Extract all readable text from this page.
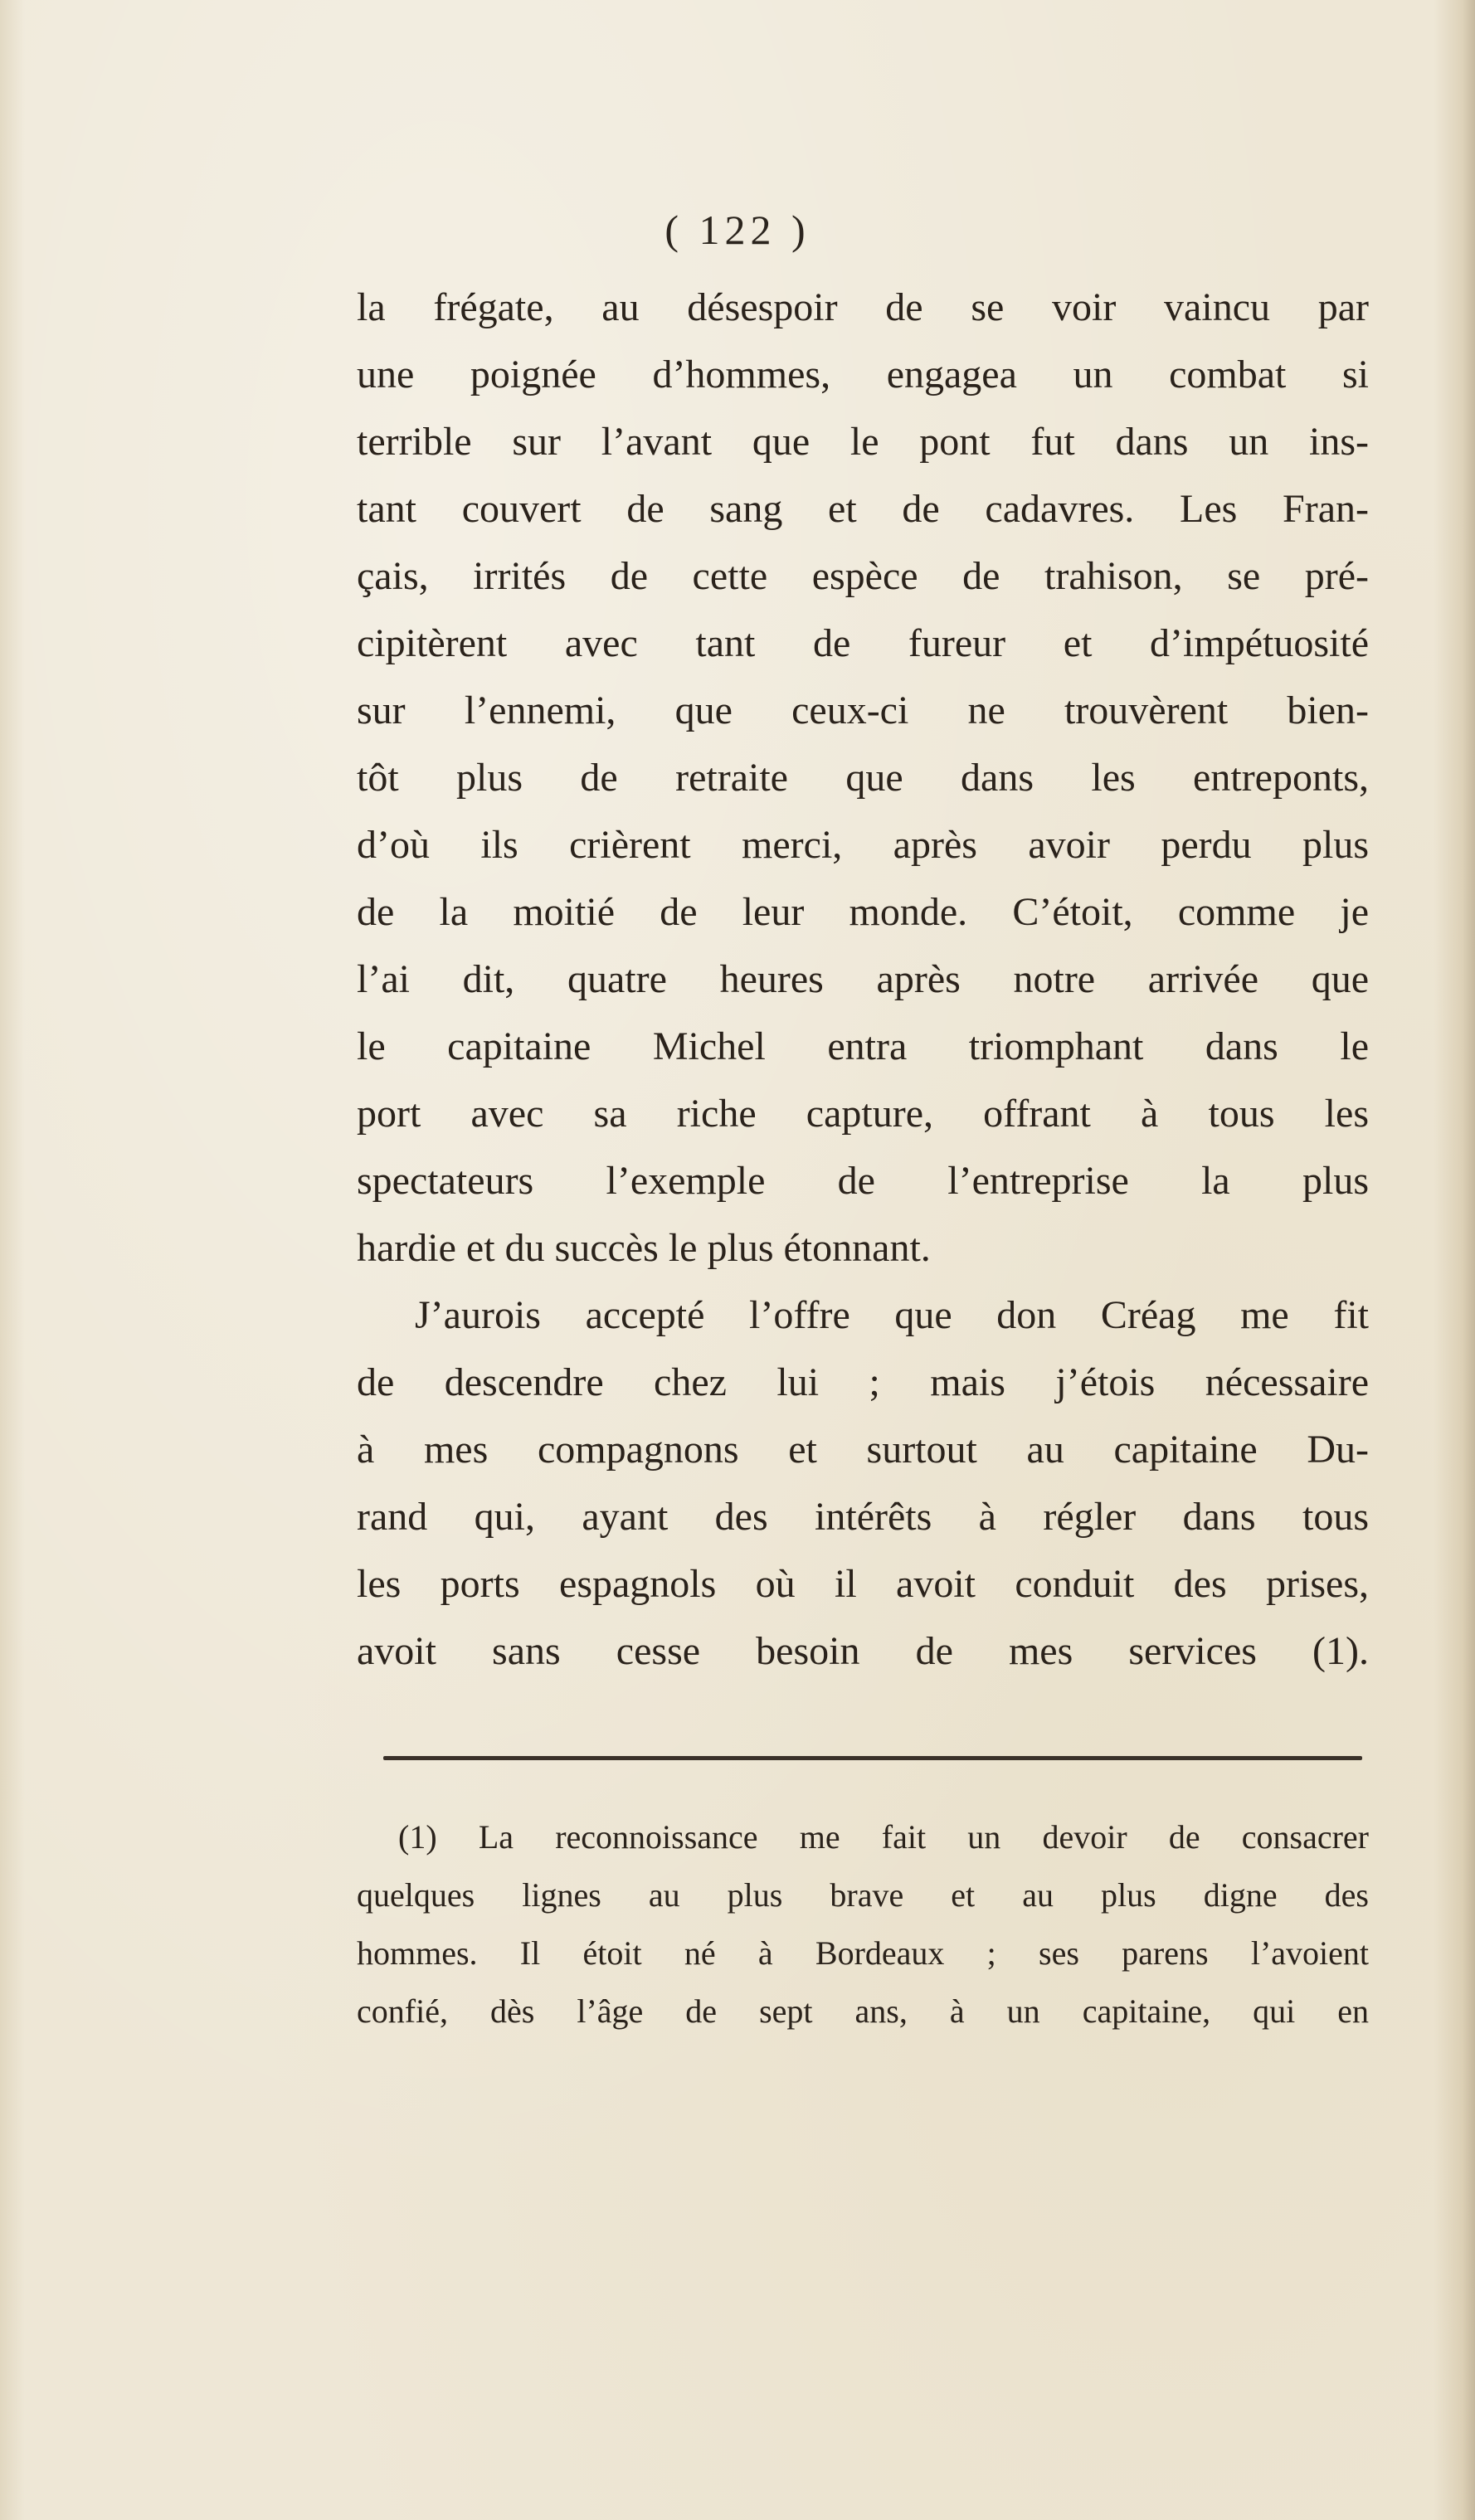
( 122 )
la frégate, au désespoir de se voir vaincu par
une poignée d’hommes, engagea un combat si
terrible sur l’avant que le pont fut dans un ins-
tant couvert de sang et de cadavres. Les Fran-
çais, irrités de cette espèce de trahison, se pré-
cipitèrent avec tant de fureur et d’impétuosité
sur l’ennemi, que ceux-ci ne trouvèrent bien-
tôt plus de retraite que dans les entreponts,
d’où ils crièrent merci, après avoir perdu plus
de la moitié de leur monde. C’étoit, comme je
l’ai dit, quatre heures après notre arrivée que
le capitaine Michel entra triomphant dans le
port avec sa riche capture, offrant à tous les
spectateurs l’exemple de l’entreprise la plus
hardie et du succès le plus étonnant.
J’aurois accepté l’offre que don Créag me fit
de descendre chez lui ; mais j’étois nécessaire
à mes compagnons et surtout au capitaine Du-
rand qui, ayant des intérêts à régler dans tous
les ports espagnols où il avoit conduit des prises,
avoit sans cesse besoin de mes services (1).
(1) La reconnoissance me fait un devoir de consacrer
quelques lignes au plus brave et au plus digne des
hommes. Il étoit né à Bordeaux ; ses parens l’avoient
confié, dès l’âge de sept ans, à un capitaine, qui en
